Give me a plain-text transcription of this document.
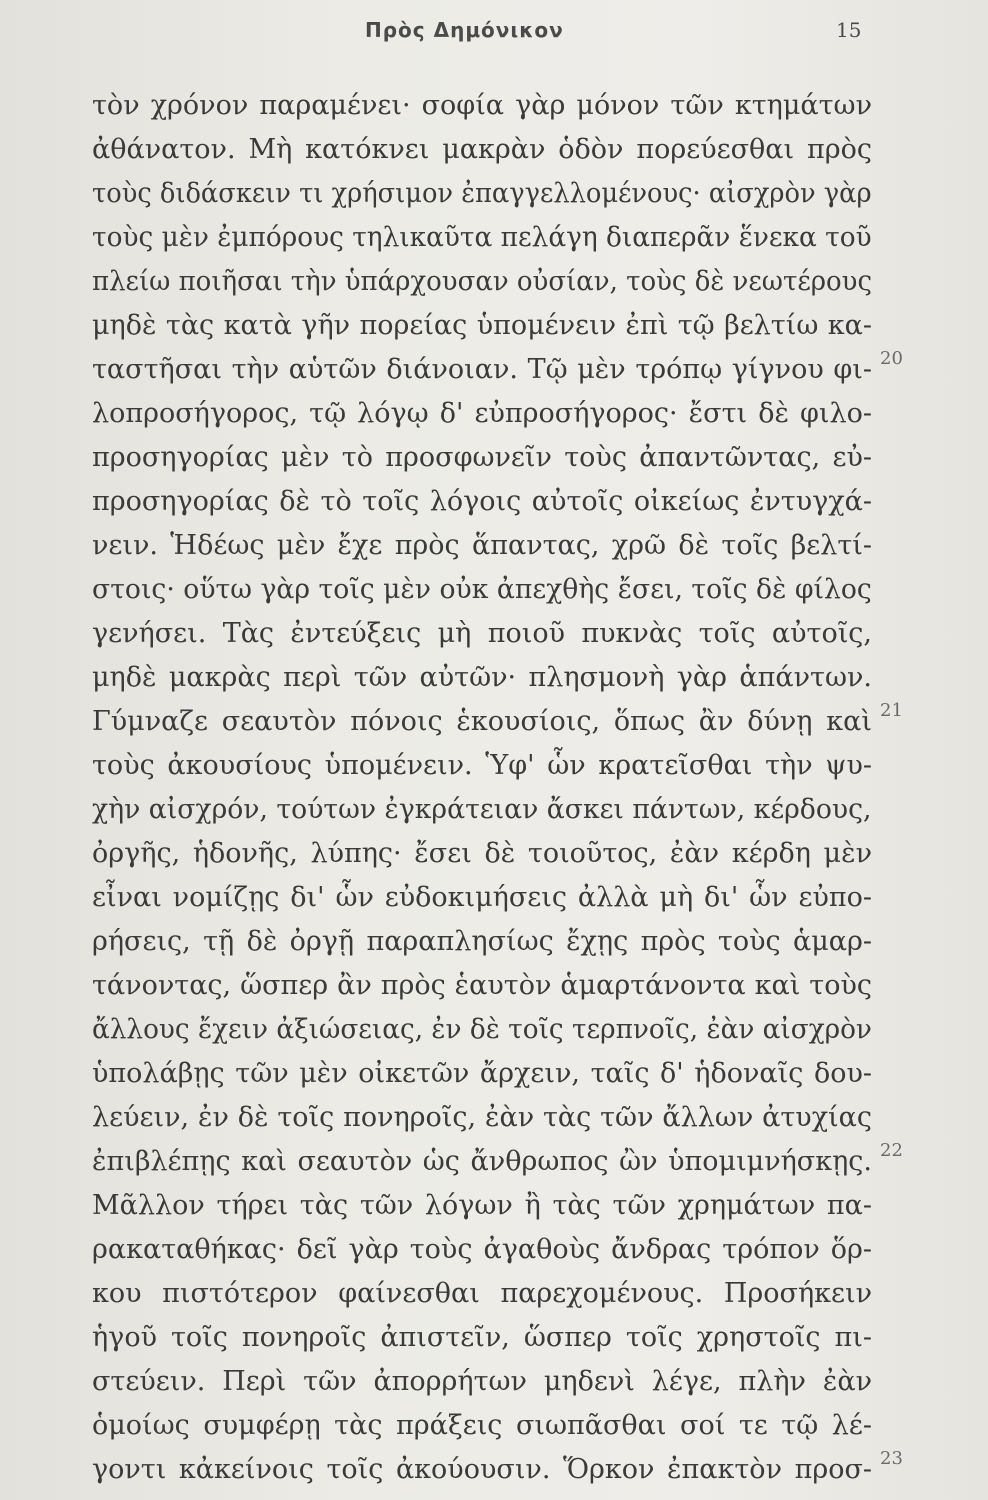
Πρὸς Δημόνικον	15
τὸν χρόνον παραμένει· σοφία γὰρ μόνον τῶν κτημάτων
ἀθάνατον. Μὴ κατόκνει μακρὰν ὁδὸν πορεύεσθαι πρὸς
τοὺς διδάσκειν τι χρήσιμον ἐπαγγελλομένους· αἰσχρὸν γὰρ
τοὺς μὲν ἐμπόρους τηλικαῦτα πελάγη διαπερᾶν ἕνεκα τοῦ
πλείω ποιῆσαι τὴν ὑπάρχουσαν οὐσίαν, τοὺς δὲ νεωτέρους
μηδὲ τὰς κατὰ γῆν πορείας ὑπομένειν ἐπὶ τῷ βελτίω κα-
ταστῆσαι τὴν αὑτῶν διάνοιαν. Τῷ μὲν τρόπῳ γίγνου φι-
λοπροσήγορος, τῷ λόγῳ δ' εὐπροσήγορος· ἔστι δὲ φιλο-
προσηγορίας μὲν τὸ προσφωνεῖν τοὺς ἀπαντῶντας, εὐ-
προσηγορίας δὲ τὸ τοῖς λόγοις αὐτοῖς οἰκείως ἐντυγχά-
νειν. Ἡδέως μὲν ἔχε πρὸς ἅπαντας, χρῶ δὲ τοῖς βελτί-
στοις· οὕτω γὰρ τοῖς μὲν οὐκ ἀπεχθὴς ἔσει, τοῖς δὲ φίλος
γενήσει. Τὰς ἐντεύξεις μὴ ποιοῦ πυκνὰς τοῖς αὐτοῖς,
μηδὲ μακρὰς περὶ τῶν αὐτῶν· πλησμονὴ γὰρ ἁπάντων.
Γύμναζε σεαυτὸν πόνοις ἑκουσίοις, ὅπως ἂν δύνῃ καὶ
τοὺς ἀκουσίους ὑπομένειν. Ὑφ' ὧν κρατεῖσθαι τὴν ψυ-
χὴν αἰσχρόν, τούτων ἐγκράτειαν ἄσκει πάντων, κέρδους,
ὀργῆς, ἡδονῆς, λύπης· ἔσει δὲ τοιοῦτος, ἐὰν κέρδη μὲν
εἶναι νομίζῃς δι' ὧν εὐδοκιμήσεις ἀλλὰ μὴ δι' ὧν εὐπο-
ρήσεις, τῇ δὲ ὀργῇ παραπλησίως ἔχῃς πρὸς τοὺς ἁμαρ-
τάνοντας, ὥσπερ ἂν πρὸς ἑαυτὸν ἁμαρτάνοντα καὶ τοὺς
ἄλλους ἔχειν ἀξιώσειας, ἐν δὲ τοῖς τερπνοῖς, ἐὰν αἰσχρὸν
ὑπολάβῃς τῶν μὲν οἰκετῶν ἄρχειν, ταῖς δ' ἡδοναῖς δου-
λεύειν, ἐν δὲ τοῖς πονηροῖς, ἐὰν τὰς τῶν ἄλλων ἀτυχίας
ἐπιβλέπῃς καὶ σεαυτὸν ὡς ἄνθρωπος ὢν ὑπομιμνήσκῃς.
Μᾶλλον τήρει τὰς τῶν λόγων ἢ τὰς τῶν χρημάτων πα-
ρακαταθήκας· δεῖ γὰρ τοὺς ἀγαθοὺς ἄνδρας τρόπον ὅρ-
κου πιστότερον φαίνεσθαι παρεχομένους. Προσήκειν
ἡγοῦ τοῖς πονηροῖς ἀπιστεῖν, ὥσπερ τοῖς χρηστοῖς πι-
στεύειν. Περὶ τῶν ἀπορρήτων μηδενὶ λέγε, πλὴν ἐὰν
ὁμοίως συμφέρῃ τὰς πράξεις σιωπᾶσθαι σοί τε τῷ λέ-
γοντι κἀκείνοις τοῖς ἀκούουσιν. Ὅρκον ἐπακτὸν προσ-
20
21
22
23
